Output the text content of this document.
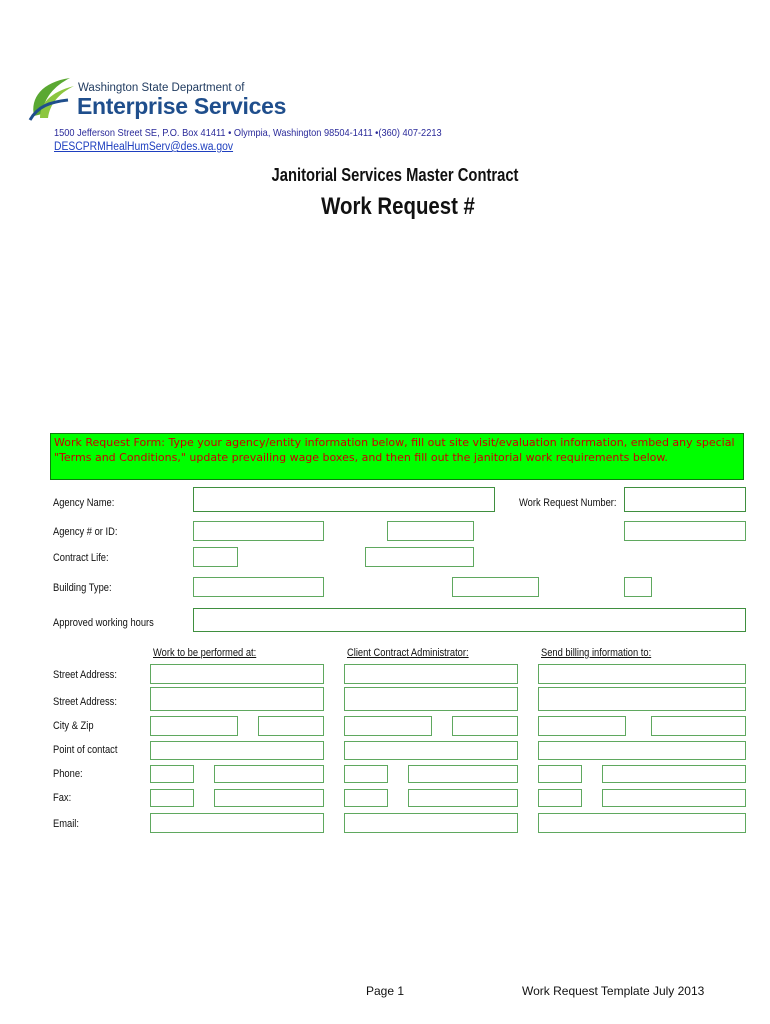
Washington State Department of
Enterprise Services
1500 Jefferson Street SE, P.O. Box 41411 • Olympia, Washington 98504-1411 •(360) 407-2213
DESCPRMHealHumServ@des.wa.gov
Janitorial Services Master Contract
Work Request #
Work Request Form: Type your agency/entity information below, fill out site visit/evaluation information, embed any special "Terms and Conditions," update prevailing wage boxes, and then fill out the janitorial work requirements below.
Agency Name:	Work Request Number:
Agency # or ID:
Contract Life:
Building Type:
Approved working hours
Work to be performed at:	Client Contract Administrator:	Send billing information to:
Street Address:
Street Address:
City & Zip
Point of contact
Phone:
Fax:
Email:
Page 1	Work Request Template July 2013
